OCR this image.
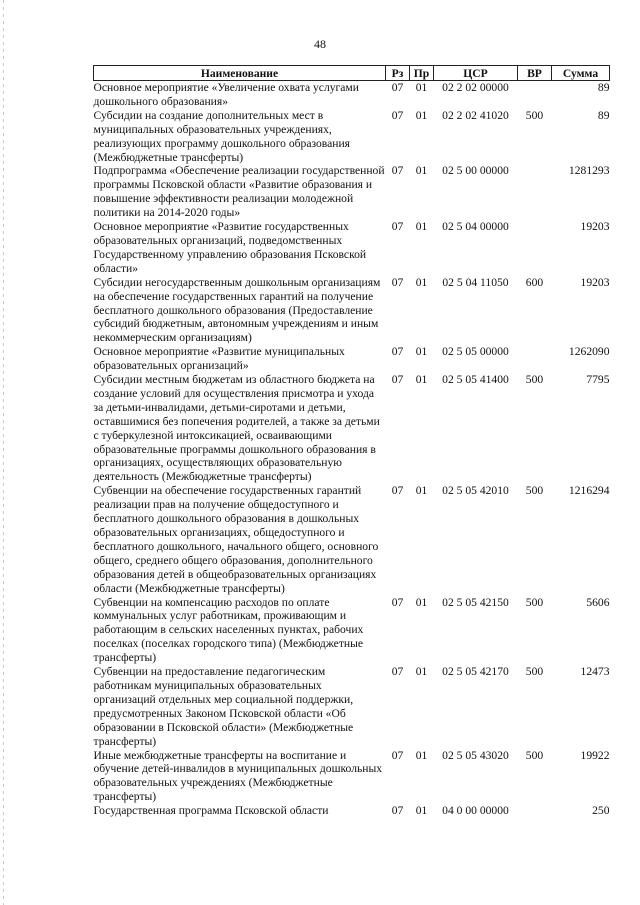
48
Наименование	Рз	Пр	ЦСР	ВР	Сумма
Основное мероприятие «Увеличение охвата услугами дошкольного образования»	07	01	02 2 02 00000		89
Субсидии на создание дополнительных мест в муниципальных образовательных учреждениях, реализующих программу дошкольного образования (Межбюджетные трансферты)	07	01	02 2 02 41020	500	89
Подпрограмма «Обеспечение реализации государственной программы Псковской области «Развитие образования и повышение эффективности реализации молодежной политики на 2014-2020 годы»	07	01	02 5 00 00000		1281293
Основное мероприятие «Развитие государственных образовательных организаций, подведомственных Государственному управлению образования Псковской области»	07	01	02 5 04 00000		19203
Субсидии негосударственным дошкольным организациям на обеспечение государственных гарантий на получение бесплатного дошкольного образования (Предоставление субсидий бюджетным, автономным учреждениям и иным некоммерческим организациям)	07	01	02 5 04 11050	600	19203
Основное мероприятие «Развитие муниципальных образовательных организаций»	07	01	02 5 05 00000		1262090
Субсидии местным бюджетам из областного бюджета на создание условий для осуществления присмотра и ухода за детьми-инвалидами, детьми-сиротами и детьми, оставшимися без попечения родителей, а также за детьми с туберкулезной интоксикацией, осваивающими образовательные программы дошкольного образования в организациях, осуществляющих образовательную деятельность (Межбюджетные трансферты)	07	01	02 5 05 41400	500	7795
Субвенции на обеспечение государственных гарантий реализации прав на получение общедоступного и бесплатного дошкольного образования в дошкольных образовательных организациях, общедоступного и бесплатного дошкольного, начального общего, основного общего, среднего общего образования, дополнительного образования детей в общеобразовательных организациях области (Межбюджетные трансферты)	07	01	02 5 05 42010	500	1216294
Субвенции на компенсацию расходов по оплате коммунальных услуг работникам, проживающим и работающим в сельских населенных пунктах, рабочих поселках (поселках городского типа) (Межбюджетные трансферты)	07	01	02 5 05 42150	500	5606
Субвенции на предоставление педагогическим работникам муниципальных образовательных организаций отдельных мер социальной поддержки, предусмотренных Законом Псковской области «Об образовании в Псковской области» (Межбюджетные трансферты)	07	01	02 5 05 42170	500	12473
Иные межбюджетные трансферты на воспитание и обучение детей-инвалидов в муниципальных дошкольных образовательных учреждениях (Межбюджетные трансферты)	07	01	02 5 05 43020	500	19922
Государственная программа Псковской области	07	01	04 0 00 00000		250
